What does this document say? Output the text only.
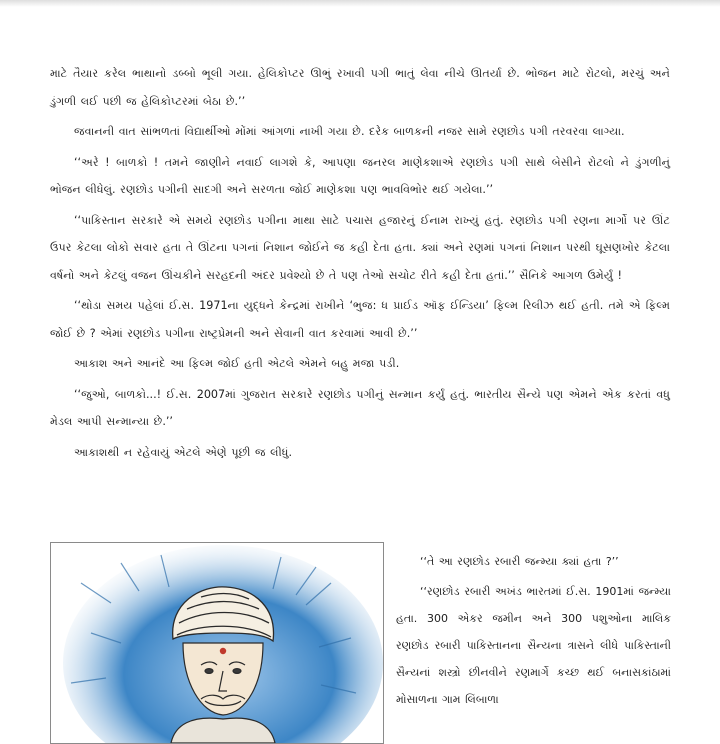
માટે તૈયાર કરેલ ભાથાનો ડબ્બો ભૂલી ગયા. હેલિકોપ્ટર ઊભું રખાવી પગી ભાતું લેવા નીચે ઊતર્યા છે. ભોજન માટે રોટલો, મરચું અને ડુંગળી લઈ પછી જ હેલિકોપ્ટરમાં બેઠા છે.’’

જવાનની વાત સાંભળતાં વિદ્યાર્થીઓ મોંમાં આંગળાં નાખી ગયા છે. દરેક બાળકની નજર સામે રણછોડ પગી તરવરવા લાગ્યા.

‘‘અરે ! બાળકો ! તમને જાણીને નવાઈ લાગશે કે, આપણા જનરલ માણેકશાએ રણછોડ પગી સાથે બેસીને રોટલો ને ડુંગળીનું ભોજન લીધેલું. રણછોડ પગીની સાદગી અને સરળતા જોઈ માણેકશા પણ ભાવવિભોર થઈ ગયેલા.’’

‘‘પાકિસ્તાન સરકારે એ સમયે રણછોડ પગીના માથા સાટે પચાસ હજારનું ઈનામ રાખ્યું હતું. રણછોડ પગી રણના માર્ગો પર ઊંટ ઉપર કેટલા લોકો સવાર હતા તે ઊંટના પગનાં નિશાન જોઈને જ કહી દેતા હતા. ક્યાં અને રણમાં પગનાં નિશાન પરથી ઘૂસણખોર કેટલા વર્ષનો અને કેટલું વજન ઊંચકીને સરહદની અંદર પ્રવેશ્યો છે તે પણ તેઓ સચોટ રીતે કહી દેતા હતાં.’’ સૈનિકે આગળ ઉમેર્યું !

‘‘થોડા સમય પહેલાં ઈ.સ. 1971ના યુદ્ધને કેન્દ્રમાં રાખીને ‘ભુજ: ધ પ્રાઈડ ઑફ ઈન્ડિયા’ ફિલ્મ રિલીઝ થઈ હતી. તમે એ ફિલ્મ જોઈ છે ? એમાં રણછોડ પગીના રાષ્ટ્રપ્રેમની અને સેવાની વાત કરવામાં આવી છે.’’

આકાશ અને આનંદે આ ફિલ્મ જોઈ હતી એટલે એમને બહુ મજા પડી.

‘‘જુઓ, બાળકો...! ઈ.સ. 2007માં ગુજરાત સરકારે રણછોડ પગીનું સન્માન કર્યું હતું. ભારતીય સૈન્યે પણ એમને એક કરતાં વધુ મેડલ આપી સન્માન્યા છે.’’

આકાશથી ન રહેવાયું એટલે એણે પૂછી જ લીધું.

‘‘તે આ રણછોડ રબારી જન્મ્યા ક્યાં હતા ?’’

‘‘રણછોડ રબારી અખંડ ભારતમાં ઈ.સ. 1901માં જન્મ્યા હતા. 300 એકર જમીન અને 300 પશુઓના માલિક રણછોડ રબારી પાકિસ્તાનના સૈન્યના ત્રાસને લીધે પાકિસ્તાની સૈન્યનાં શસ્ત્રો છીનવીને રણમાર્ગે કચ્છ થઈ બનાસકાંઠામાં મોસાળના ગામ લિંબાળા
